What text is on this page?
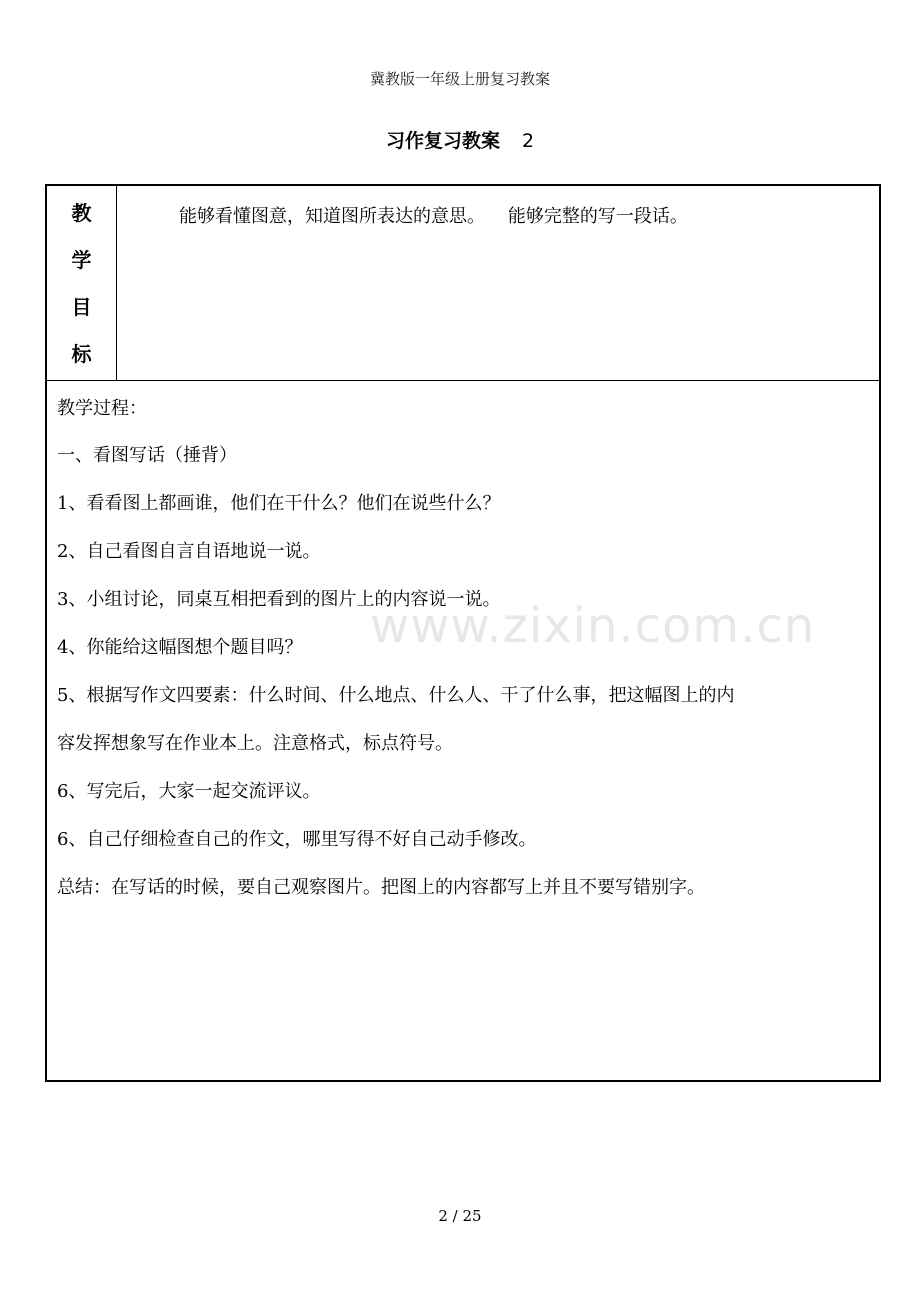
冀教版一年级上册复习教案
习作复习教案 2
教
学
目
标
能够看懂图意，知道图所表达的意思。    能够完整的写一段话。
教学过程：
一、看图写话（捶背）
1、看看图上都画谁，他们在干什么？他们在说些什么？
2、自己看图自言自语地说一说。
3、小组讨论，同桌互相把看到的图片上的内容说一说。
4、你能给这幅图想个题目吗？
5、根据写作文四要素：什么时间、什么地点、什么人、干了什么事，把这幅图上的内
容发挥想象写在作业本上。注意格式，标点符号。
6、写完后，大家一起交流评议。
6、自己仔细检查自己的作文，哪里写得不好自己动手修改。
总结：在写话的时候，要自己观察图片。把图上的内容都写上并且不要写错别字。
www.zixin.com.cn
2 / 25
